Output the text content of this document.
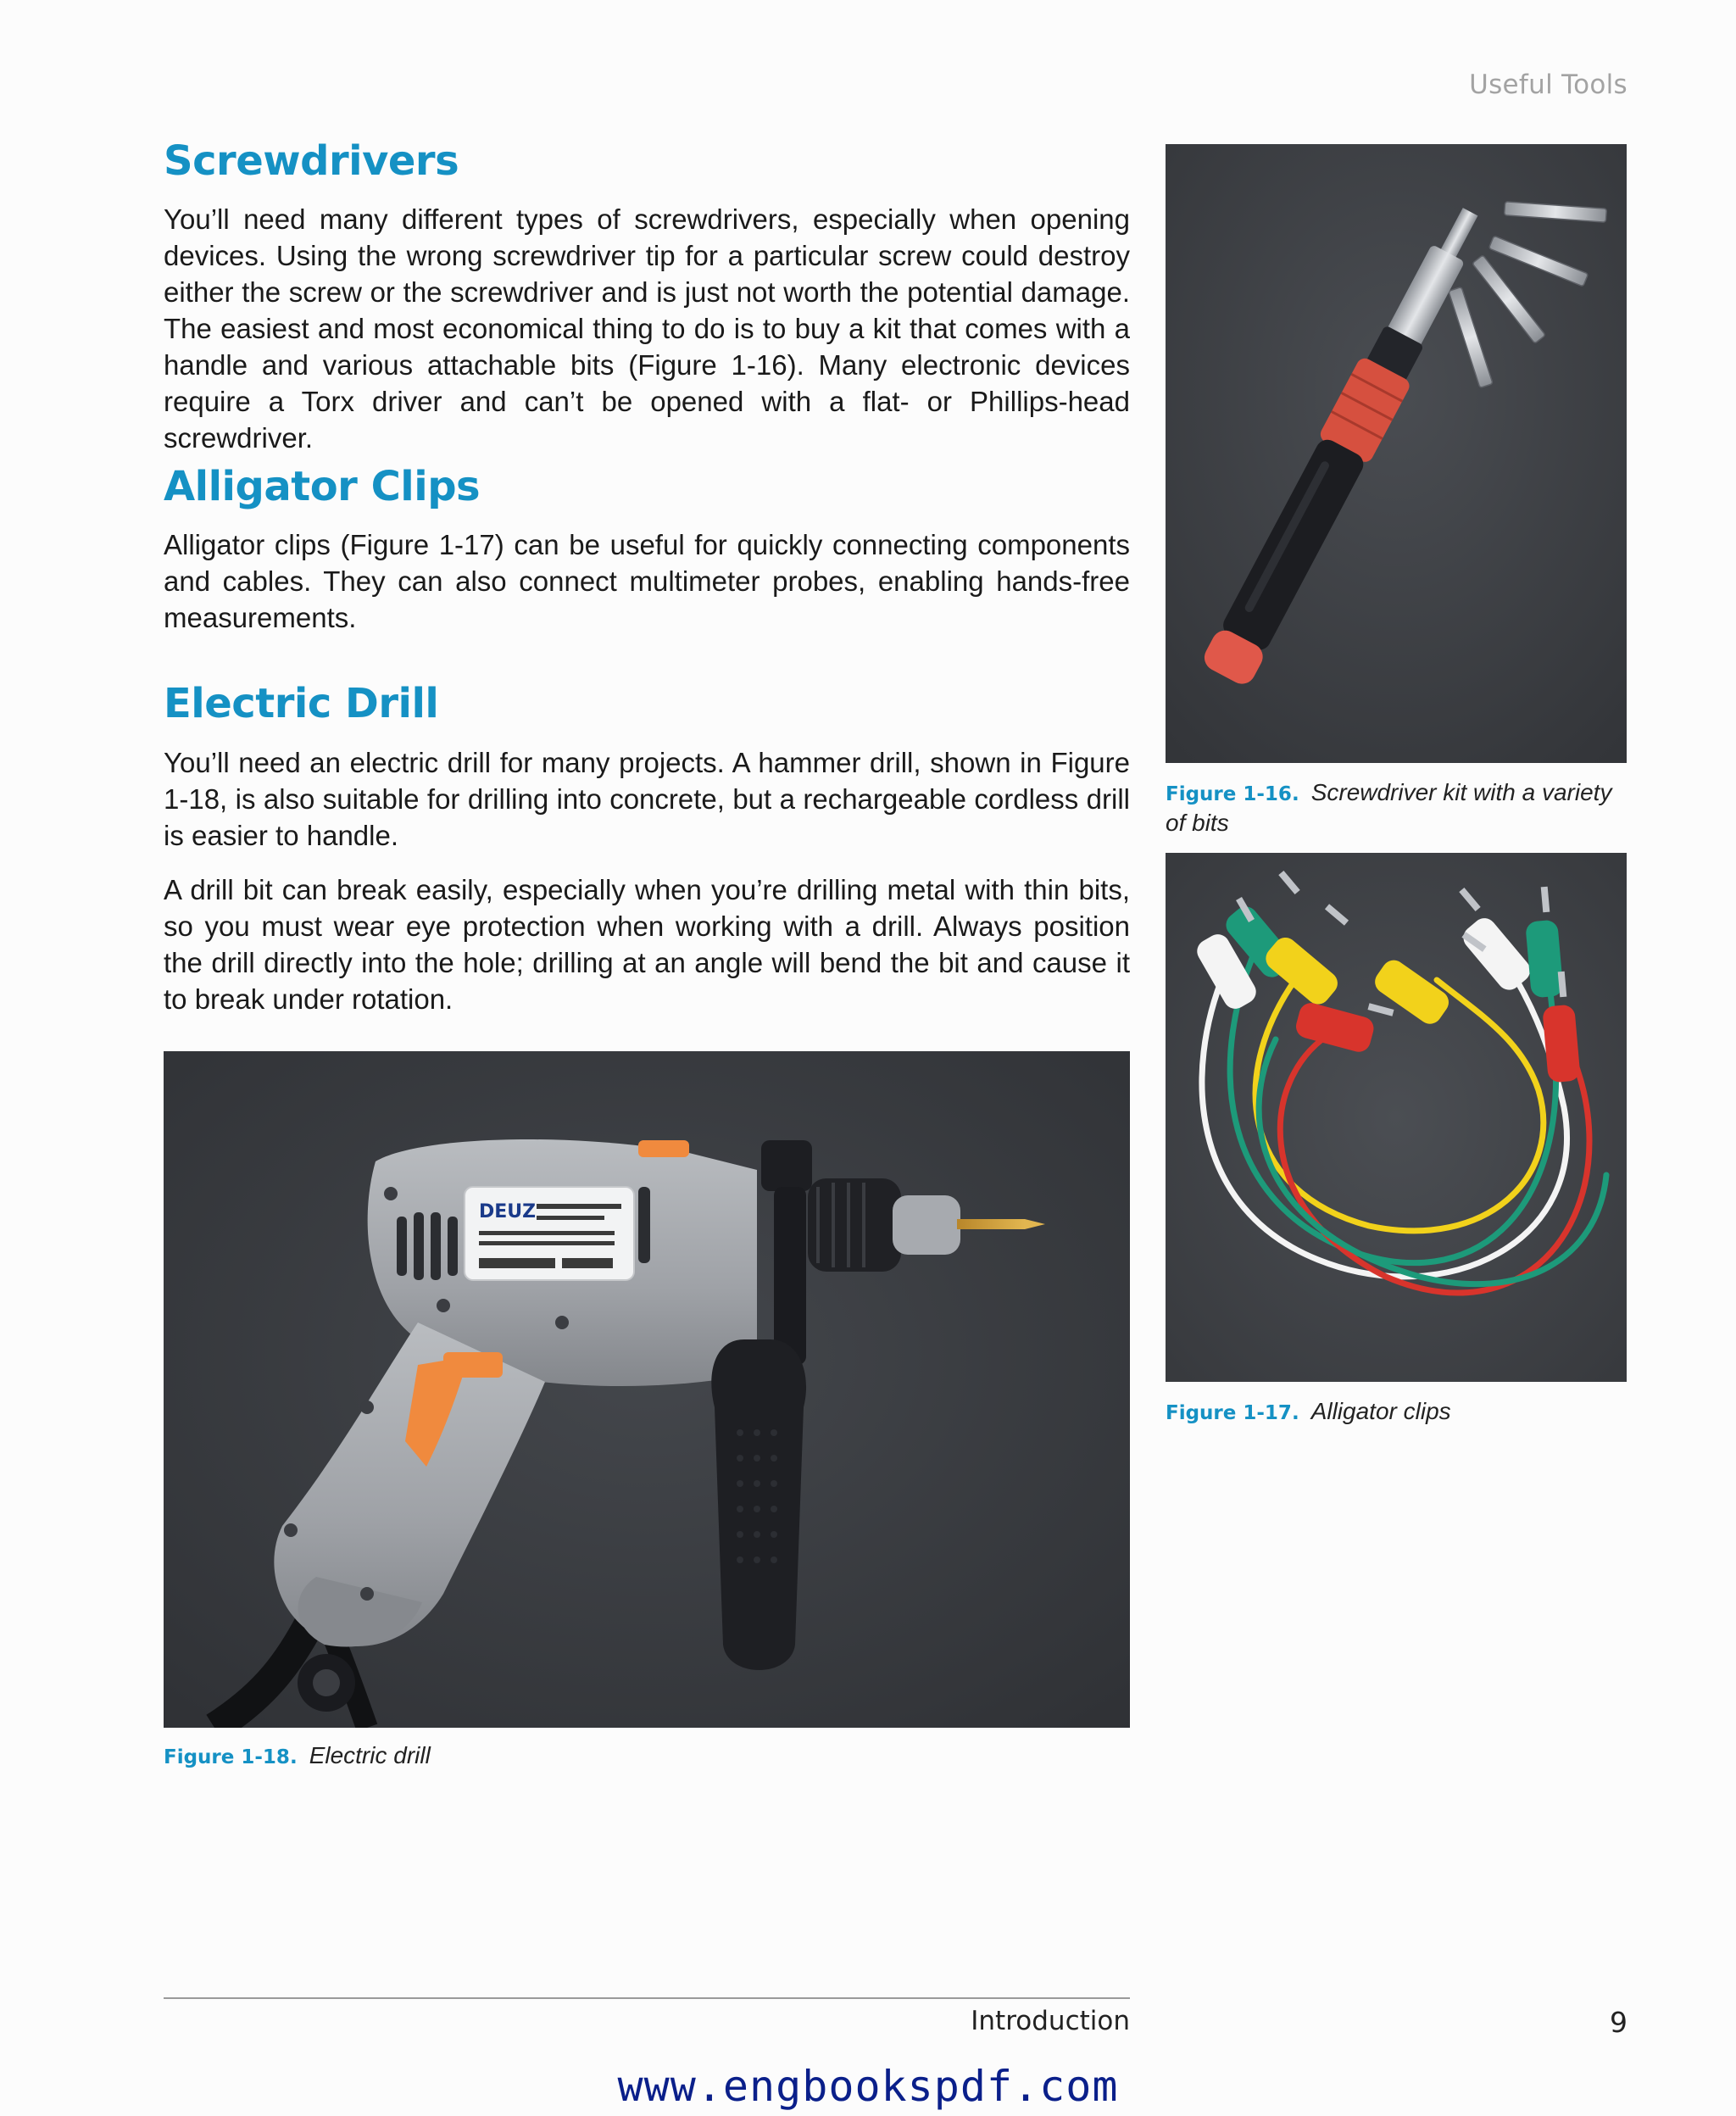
Useful Tools
Screwdrivers

You’ll need many different types of screwdrivers, especially when opening devices. Using the wrong screwdriver tip for a particular screw could destroy either the screw or the screwdriver and is just not worth the potential damage. The easiest and most economical thing to do is to buy a kit that comes with a handle and various attachable bits (Figure 1-16). Many electronic devices require a Torx driver and can’t be opened with a flat- or Phillips-head screwdriver.

Alligator Clips

Alligator clips (Figure 1-17) can be useful for quickly connecting components and cables. They can also connect multimeter probes, enabling hands-free measurements.

Electric Drill

You’ll need an electric drill for many projects. A hammer drill, shown in Figure 1-18, is also suitable for drilling into concrete, but a rechargeable cordless drill is easier to handle.

A drill bit can break easily, especially when you’re drilling metal with thin bits, so you must wear eye protection when working with a drill. Always position the drill directly into the hole; drilling at an angle will bend the bit and cause it to break under rotation.

Figure 1-16. Screwdriver kit with a variety of bits
Figure 1-17. Alligator clips
DEUZ
Figure 1-18. Electric drill
Introduction	9
www.engbookspdf.com
